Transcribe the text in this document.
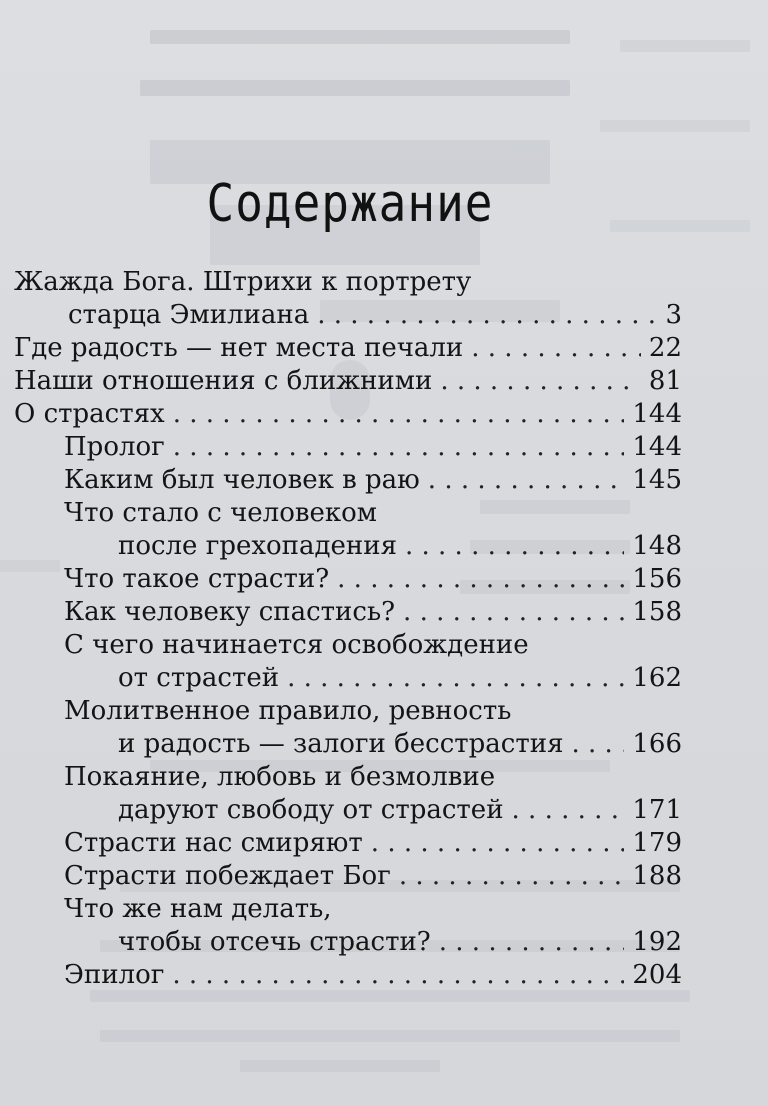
Содержание
Жажда Бога. Штрихи к портрету
старца Эмилиана . . .	3
Где радость — нет места печали . . .	22
Наши отношения с ближними . . .	81
О страстях . . .	144
Пролог . . .	144
Каким был человек в раю . . .	145
Что стало с человеком
после грехопадения . . .	148
Что такое страсти? . . .	156
Как человеку спастись? . . .	158
С чего начинается освобождение
от страстей . . .	162
Молитвенное правило, ревность
и радость — залоги бесстрастия . . .	166
Покаяние, любовь и безмолвие
даруют свободу от страстей . . .	171
Страсти нас смиряют . . .	179
Страсти побеждает Бог . . .	188
Что же нам делать,
чтобы отсечь страсти? . . .	192
Эпилог . . .	204
